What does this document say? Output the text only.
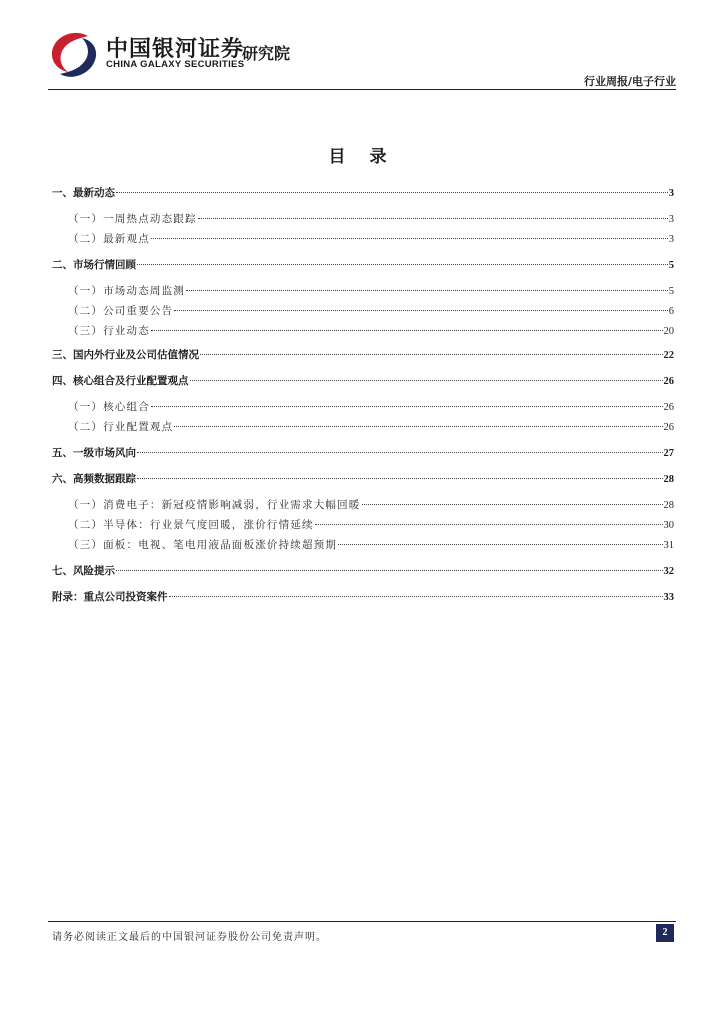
中国银河证券
CHINA GALAXY SECURITIES
研究院
行业周报/电子行业
目 录
一、最新动态	3
（一）一周热点动态跟踪	3
（二）最新观点	3
二、市场行情回顾	5
（一）市场动态周监测	5
（二）公司重要公告	6
（三）行业动态	20
三、国内外行业及公司估值情况	22
四、核心组合及行业配置观点	26
（一）核心组合	26
（二）行业配置观点	26
五、一级市场风向	27
六、高频数据跟踪	28
（一）消费电子：新冠疫情影响减弱，行业需求大幅回暖	28
（二）半导体：行业景气度回暖，涨价行情延续	30
（三）面板：电视、笔电用液晶面板涨价持续超预期	31
七、风险提示	32
附录：重点公司投资案件	33
请务必阅读正文最后的中国银河证券股份公司免责声明。	2
